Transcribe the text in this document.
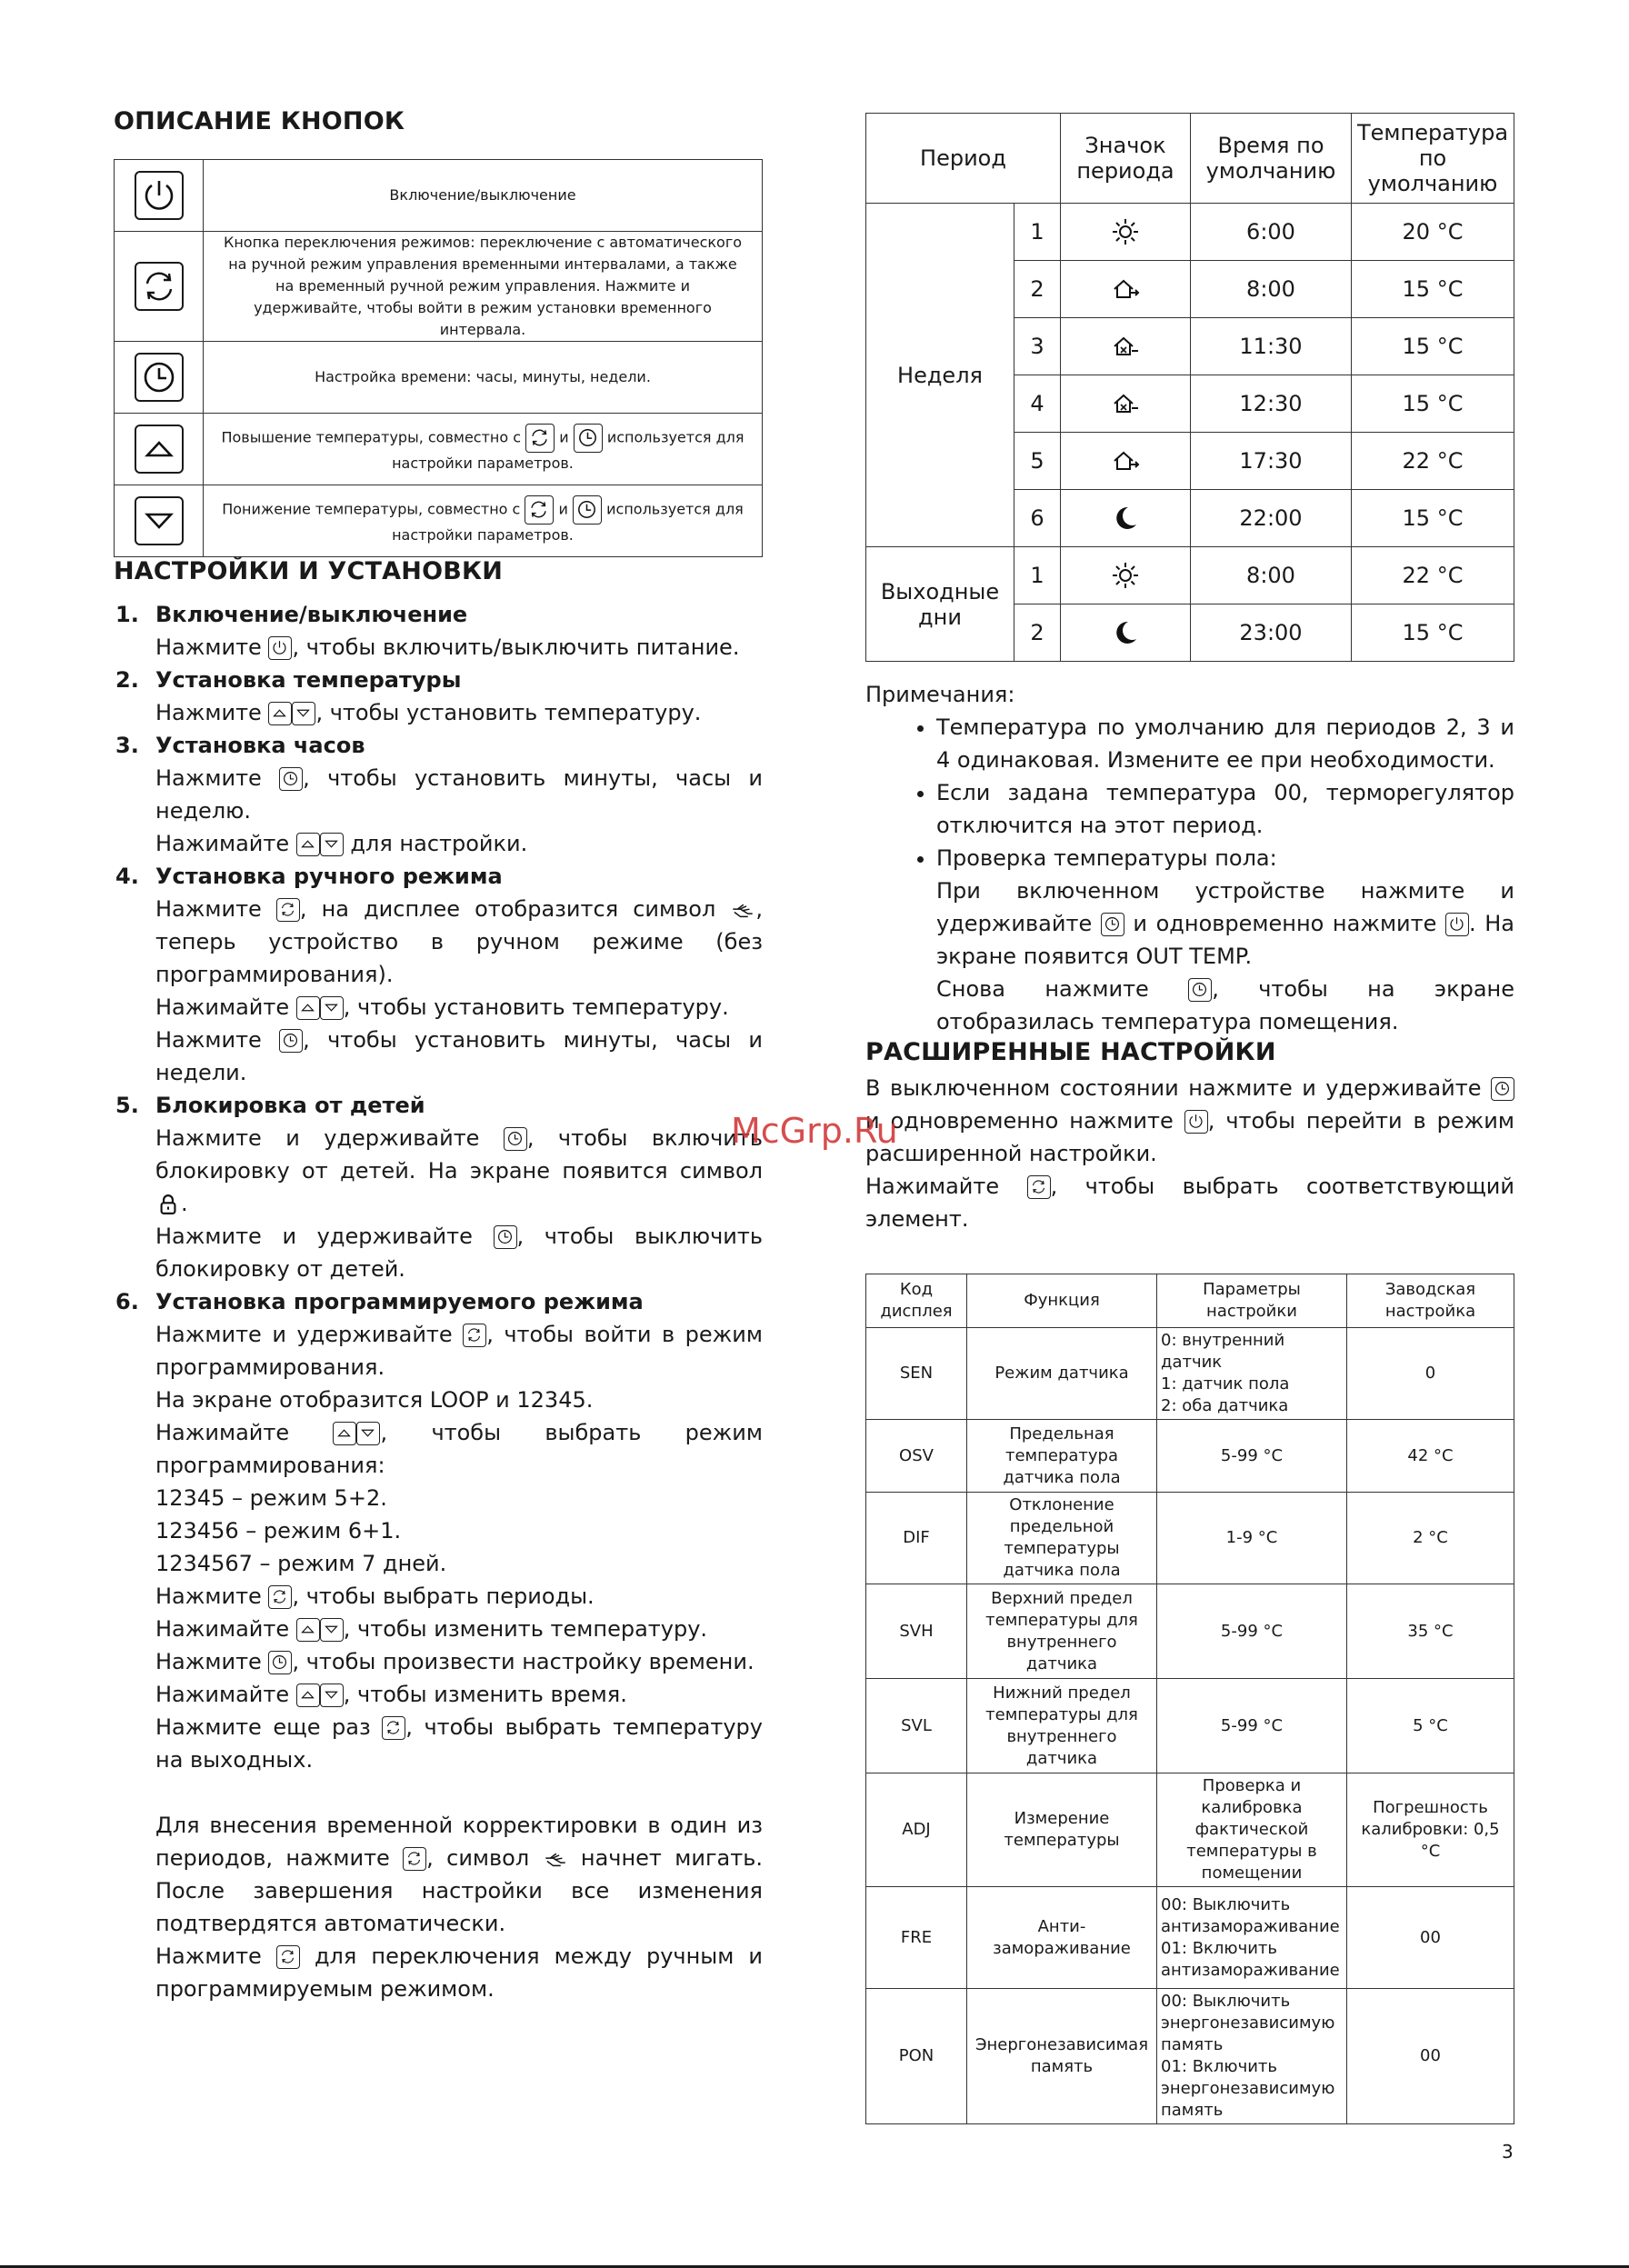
ОПИСАНИЕ КНОПОК
	Включение/выключение

	Кнопка переключения режимов: переключение с автоматического на ручной режим управления временными интервалами, а также на временный ручной режим управления. Нажмите и удерживайте, чтобы войти в режим установки временного интервала.

	Настройка времени: часы, минуты, недели.

	Повышение температуры, совместно с и используется для настройки параметров.

	Понижение температуры, совместно с и используется для настройки параметров.
НАСТРОЙКИ И УСТАНОВКИ
1. Включение/выключение
Нажмите , чтобы включить/выключить питание.
2. Установка температуры
Нажмите , чтобы установить температуру.
3. Установка часов
Нажмите , чтобы установить минуты, часы и неделю.
Нажимайте	для настройки.
4. Установка ручного режима
Нажмите , на дисплее отобразится символ , теперь устройство в ручном режиме (без программирования).
Нажимайте , чтобы установить температуру.
Нажмите , чтобы установить минуты, часы и недели.
5. Блокировка от детей
Нажмите и удерживайте , чтобы включить блокировку от детей. На экране появится символ
.
Нажмите и удерживайте , чтобы выключить блокировку от детей.
6. Установка программируемого режима
Нажмите и удерживайте , чтобы войти в режим программирования.
На экране отобразится LOOP и 12345.
Нажимайте	, чтобы выбрать режим программирования:
12345 – режим 5+2.
123456 – режим 6+1.
1234567 – режим 7 дней.
Нажмите , чтобы выбрать периоды.
Нажимайте , чтобы изменить температуру.
Нажмите , чтобы произвести настройку времени.
Нажимайте , чтобы изменить время.
Нажмите еще раз , чтобы выбрать температуру на выходных.
Для внесения временной корректировки в один из периодов, нажмите , символ начнет мигать. После завершения настройки все изменения подтвердятся автоматически.
Нажмите для переключения между ручным и программируемым режимом.
Период		Значок периода	Время по умолчанию	Температура по умолчанию
Неделя	1		6:00	20 °C
	2		8:00	15 °C
	3		11:30	15 °C
	4		12:30	15 °C
	5		17:30	22 °C
	6		22:00	15 °C
Выходные дни	1		8:00	22 °C
	2		23:00	15 °C
Примечания:
• Температура по умолчанию для периодов 2, 3 и 4 одинаковая. Измените ее при необходимости.
• Если задана температура 00, терморегулятор отключится на этот период.
• Проверка температуры пола:

При включенном устройстве нажмите и удерживайте и одновременно нажмите . На экране появится OUT TEMP.
Снова нажмите	, чтобы на экране отобразилась температура помещения.
РАСШИРЕННЫЕ НАСТРОЙКИ
В выключенном состоянии нажмите и удерживайте
и одновременно нажмите , чтобы перейти в режим расширенной настройки.
Нажимайте , чтобы выбрать соответствующий элемент.
Код дисплея	Функция	Параметры настройки	Заводская настройка
SEN	Режим датчика	0: внутренний датчик
1: датчик пола
2: оба датчика	0
OSV	Предельная температура датчика пола	5-99 °C	42 °C
DIF	Отклонение предельной температуры датчика пола	1-9 °C	2 °C
SVH	Верхний предел температуры для внутреннего датчика	5-99 °C	35 °C
SVL	Нижний предел температуры для внутреннего датчика	5-99 °C	5 °C
ADJ	Измерение температуры	Проверка и калибровка фактической температуры в помещении	Погрешность калибровки: 0,5 °C
FRE	Анти-замораживание	00: Выключить антизамораживание
01: Включить антизамораживание	00
PON	Энергонезависимая память	00: Выключить энергонезависимую память
01: Включить энергонезависимую память	00
McGrp.Ru
3
